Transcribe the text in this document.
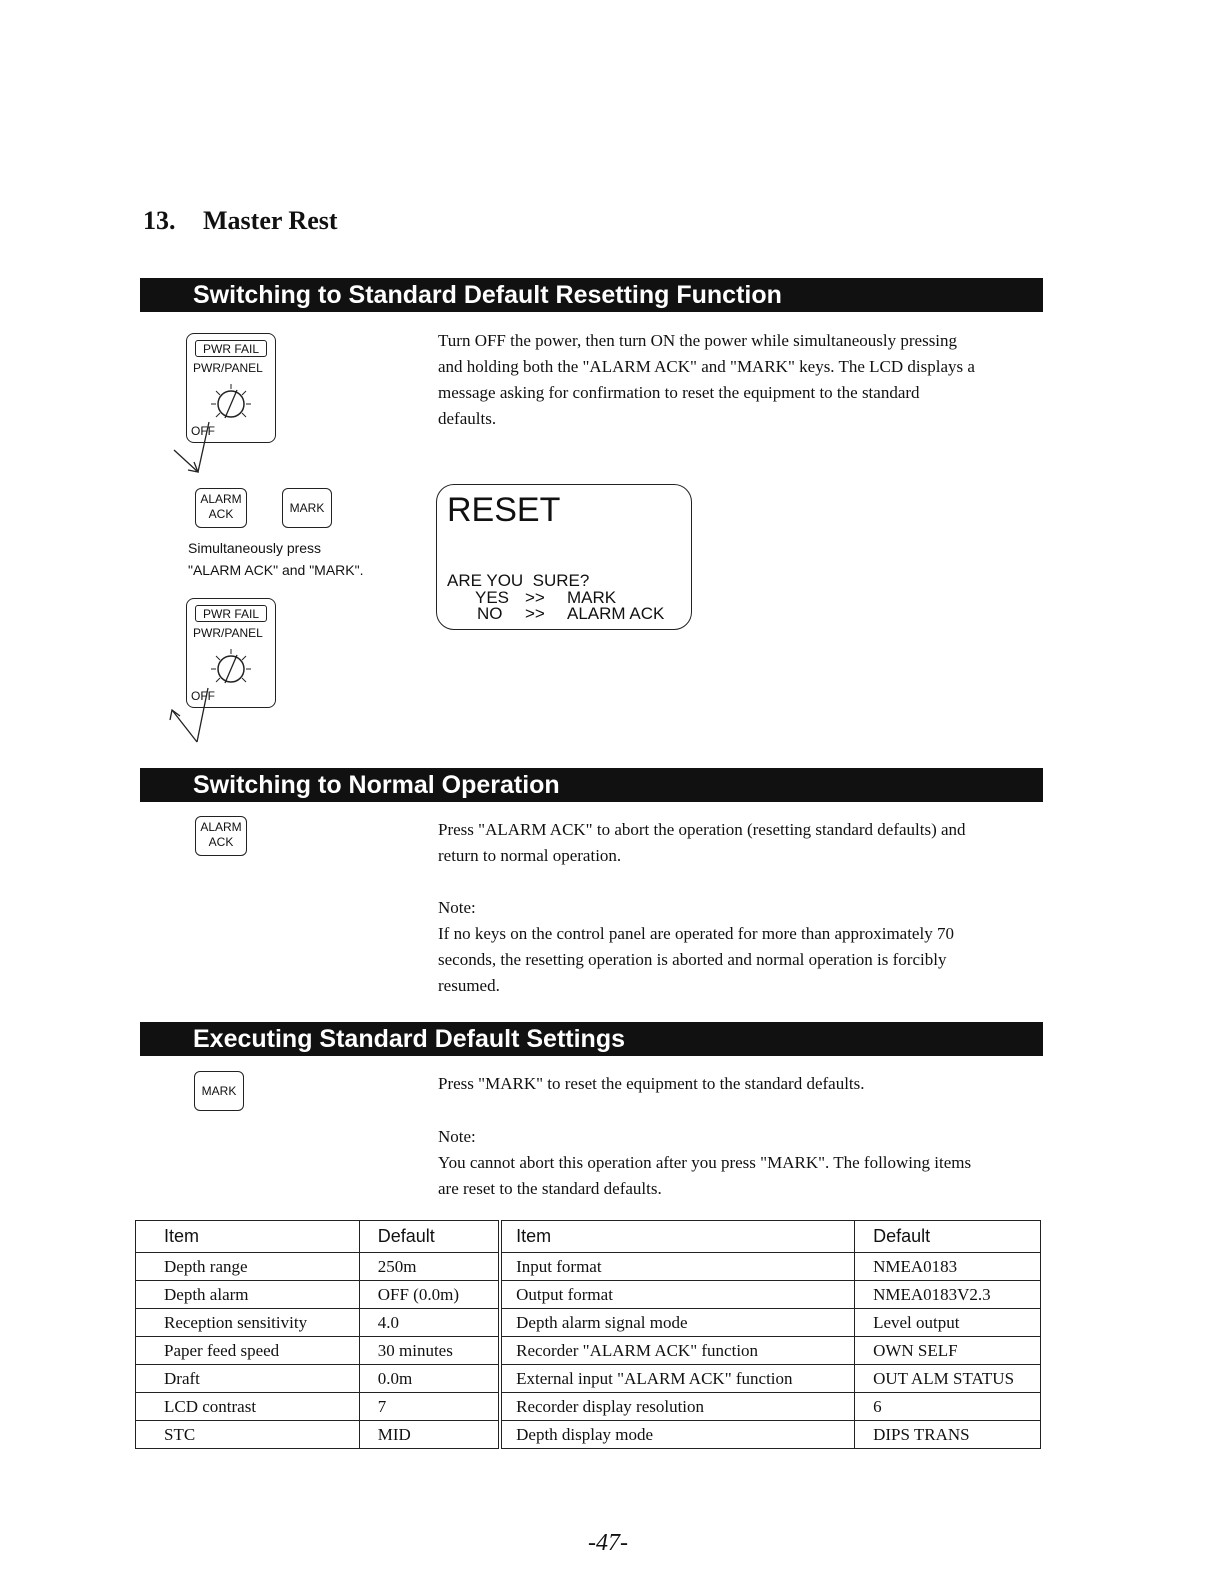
13. Master Rest
Switching to Standard Default Resetting Function
Turn OFF the power, then turn ON the power while simultaneously pressing
and holding both the "ALARM ACK" and "MARK" keys. The LCD displays a
message asking for confirmation to reset the equipment to the standard
defaults.
PWR FAIL
PWR/PANEL
OFF
ALARM
ACK	MARK
Simultaneously press
"ALARM ACK" and "MARK".
PWR FAIL
PWR/PANEL
OFF
RESET
ARE YOU  SURE?
YES >> MARK
NO >> ALARM ACK
Switching to Normal Operation
ALARM
ACK
Press "ALARM ACK" to abort the operation (resetting standard defaults) and
return to normal operation.
Note:
If no keys on the control panel are operated for more than approximately 70
seconds, the resetting operation is aborted and normal operation is forcibly
resumed.
Executing Standard Default Settings
MARK	Press "MARK" to reset the equipment to the standard defaults.
Note:
You cannot abort this operation after you press "MARK". The following items
are reset to the standard defaults.
Item	Default	Item	Default
Depth range	250m	Input format	NMEA0183
Depth alarm	OFF (0.0m)	Output format	NMEA0183V2.3
Reception sensitivity	4.0	Depth alarm signal mode	Level output
Paper feed speed	30 minutes	Recorder "ALARM ACK" function	OWN SELF
Draft	0.0m	External input "ALARM ACK" function	OUT ALM STATUS
LCD contrast	7	Recorder display resolution	6
STC	MID	Depth display mode	DIPS TRANS
-47-
